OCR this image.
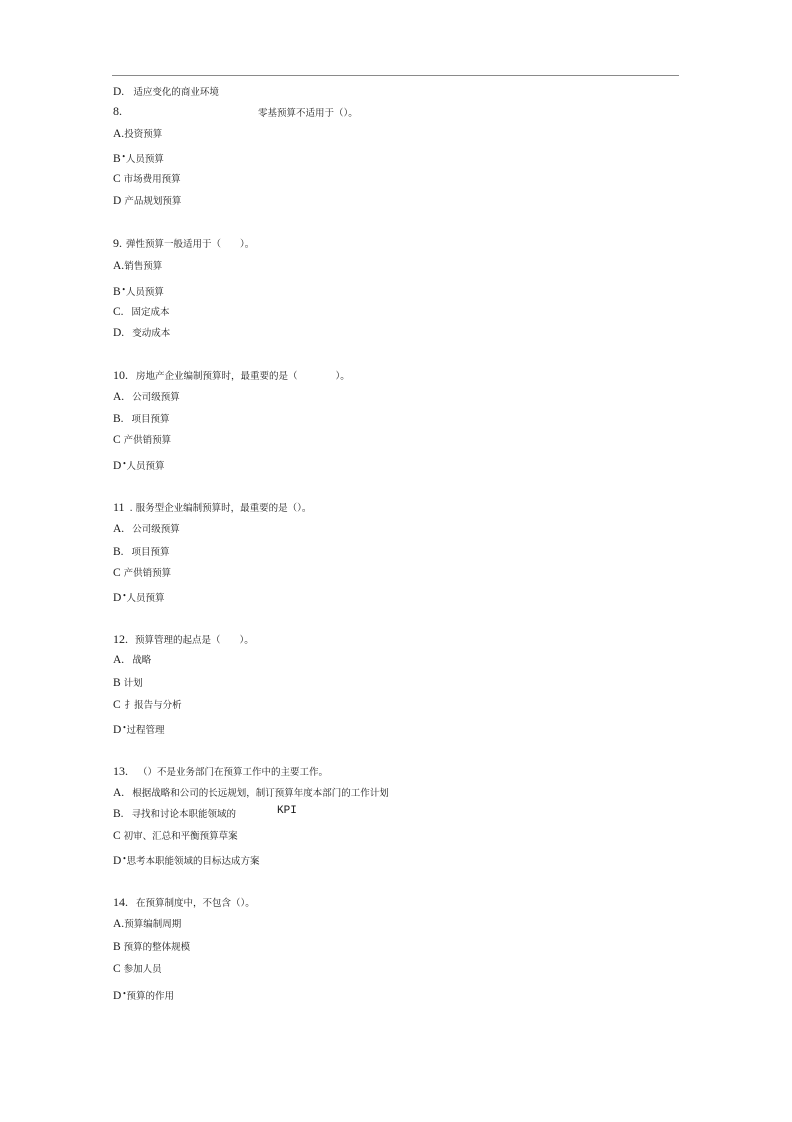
D. 适应变化的商业环境
8.	零基预算不适用于（）。
A.投资预算
B•人员预算
C 市场费用预算
D 产品规划预算
9. 弹性预算一般适用于（　　）。
A.销售预算
B•人员预算
C. 固定成本
D. 变动成本
10. 房地产企业编制预算时，最重要的是（　　　　）。
A. 公司级预算
B. 项目预算
C 产供销预算
D•人员预算
11 . 服务型企业编制预算时，最重要的是（）。
A. 公司级预算
B. 项目预算
C 产供销预算
D•人员预算
12. 预算管理的起点是（　　）。
A. 战略
B 计划
C 扌报告与分析
D•过程管理
13. （）不是业务部门在预算工作中的主要工作。
A. 根据战略和公司的长远规划，制订预算年度本部门的工作计划
B. 寻找和讨论本职能领域的	KPI
C 初审、汇总和平衡预算草案
D•思考本职能领域的目标达成方案
14. 在预算制度中，不包含（）。
A.预算编制周期
B 预算的整体规模
C 参加人员
D•预算的作用
